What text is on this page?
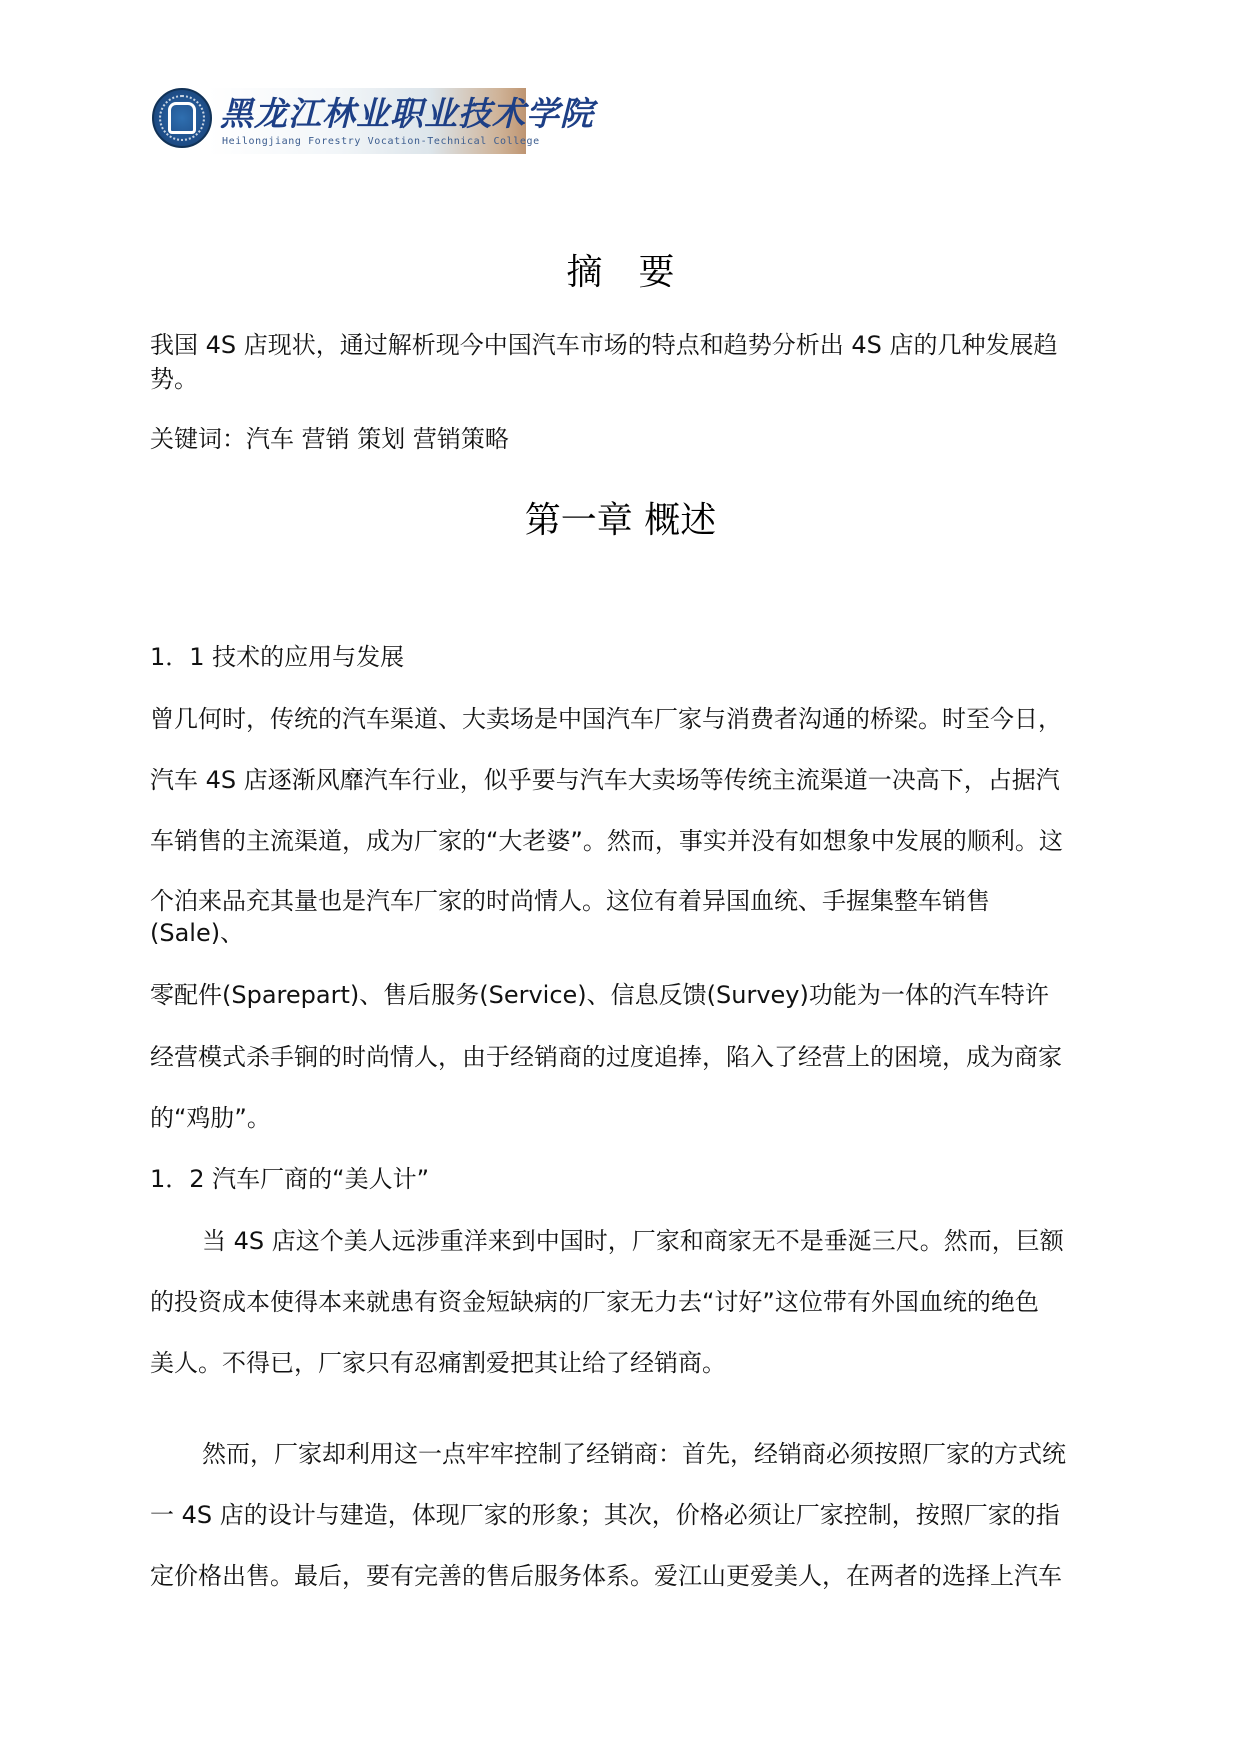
黑龙江林业职业技术学院
Heilongjiang Forestry Vocation-Technical College
摘　要

我国 4S 店现状，通过解析现今中国汽车市场的特点和趋势分析出 4S 店的几种发展趋势。

关键词：汽车 营销 策划 营销策略

第一章 概述

1．1 技术的应用与发展

曾几何时，传统的汽车渠道、大卖场是中国汽车厂家与消费者沟通的桥梁。时至今日，

汽车 4S 店逐渐风靡汽车行业，似乎要与汽车大卖场等传统主流渠道一决高下，占据汽

车销售的主流渠道，成为厂家的“大老婆”。然而，事实并没有如想象中发展的顺利。这

个泊来品充其量也是汽车厂家的时尚情人。这位有着异国血统、手握集整车销售

(Sale)、

零配件(Sparepart)、售后服务(Service)、信息反馈(Survey)功能为一体的汽车特许

经营模式杀手锏的时尚情人，由于经销商的过度追捧，陷入了经营上的困境，成为商家

的“鸡肋”。

1．2 汽车厂商的“美人计”

当 4S 店这个美人远涉重洋来到中国时，厂家和商家无不是垂涎三尺。然而，巨额

的投资成本使得本来就患有资金短缺病的厂家无力去“讨好”这位带有外国血统的绝色

美人。不得已，厂家只有忍痛割爱把其让给了经销商。

然而，厂家却利用这一点牢牢控制了经销商：首先，经销商必须按照厂家的方式统

一 4S 店的设计与建造，体现厂家的形象；其次，价格必须让厂家控制，按照厂家的指

定价格出售。最后，要有完善的售后服务体系。爱江山更爱美人，在两者的选择上汽车
